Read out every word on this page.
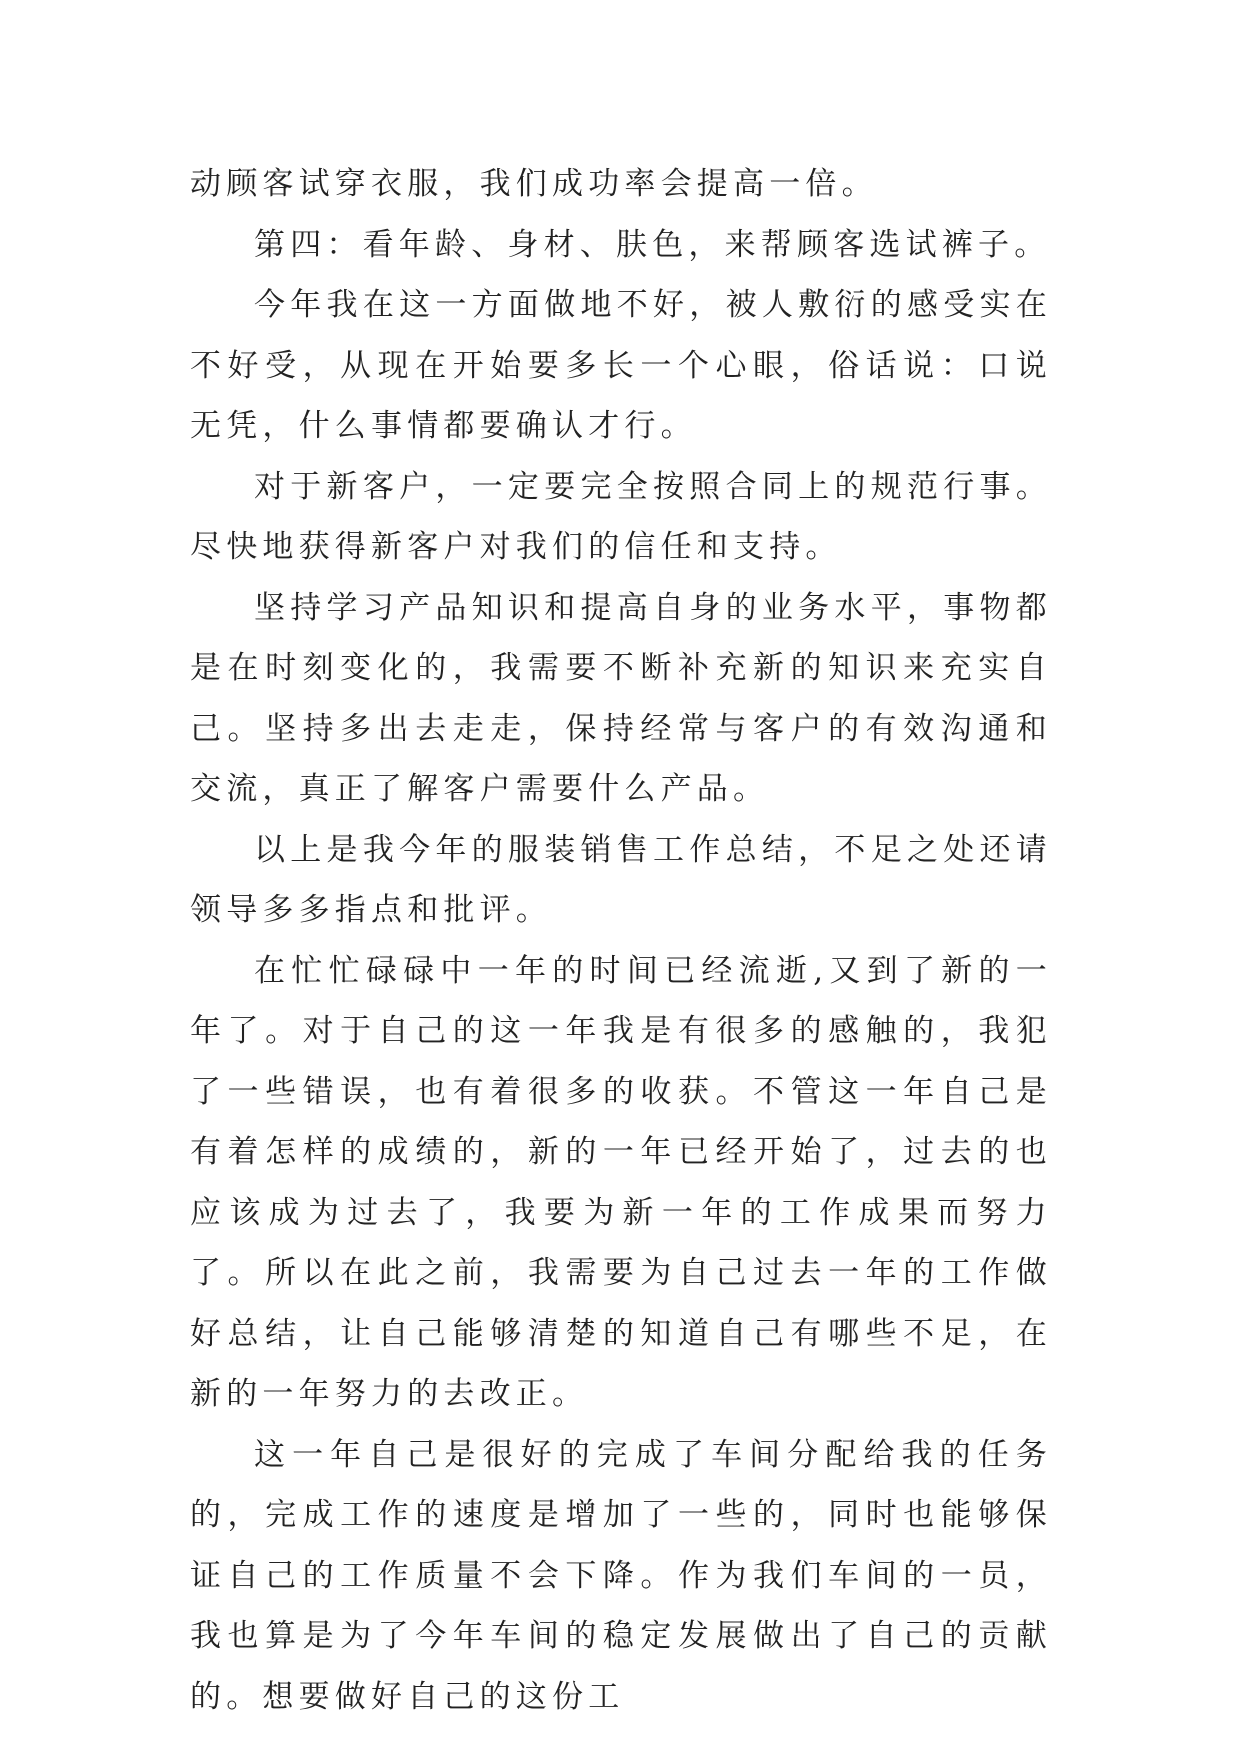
动顾客试穿衣服，我们成功率会提高一倍。

第四：看年龄、身材、肤色，来帮顾客选试裤子。

今年我在这一方面做地不好，被人敷衍的感受实在不好受，从现在开始要多长一个心眼，俗话说：口说无凭，什么事情都要确认才行。

对于新客户，一定要完全按照合同上的规范行事。尽快地获得新客户对我们的信任和支持。

坚持学习产品知识和提高自身的业务水平，事物都是在时刻变化的，我需要不断补充新的知识来充实自己。坚持多出去走走，保持经常与客户的有效沟通和交流，真正了解客户需要什么产品。

以上是我今年的服装销售工作总结，不足之处还请领导多多指点和批评。

在忙忙碌碌中一年的时间已经流逝,又到了新的一年了。对于自己的这一年我是有很多的感触的，我犯了一些错误，也有着很多的收获。不管这一年自己是有着怎样的成绩的，新的一年已经开始了，过去的也应该成为过去了，我要为新一年的工作成果而努力了。所以在此之前，我需要为自己过去一年的工作做好总结，让自己能够清楚的知道自己有哪些不足，在新的一年努力的去改正。

这一年自己是很好的完成了车间分配给我的任务的，完成工作的速度是增加了一些的，同时也能够保证自己的工作质量不会下降。作为我们车间的一员，我也算是为了今年车间的稳定发展做出了自己的贡献的。想要做好自己的这份工
